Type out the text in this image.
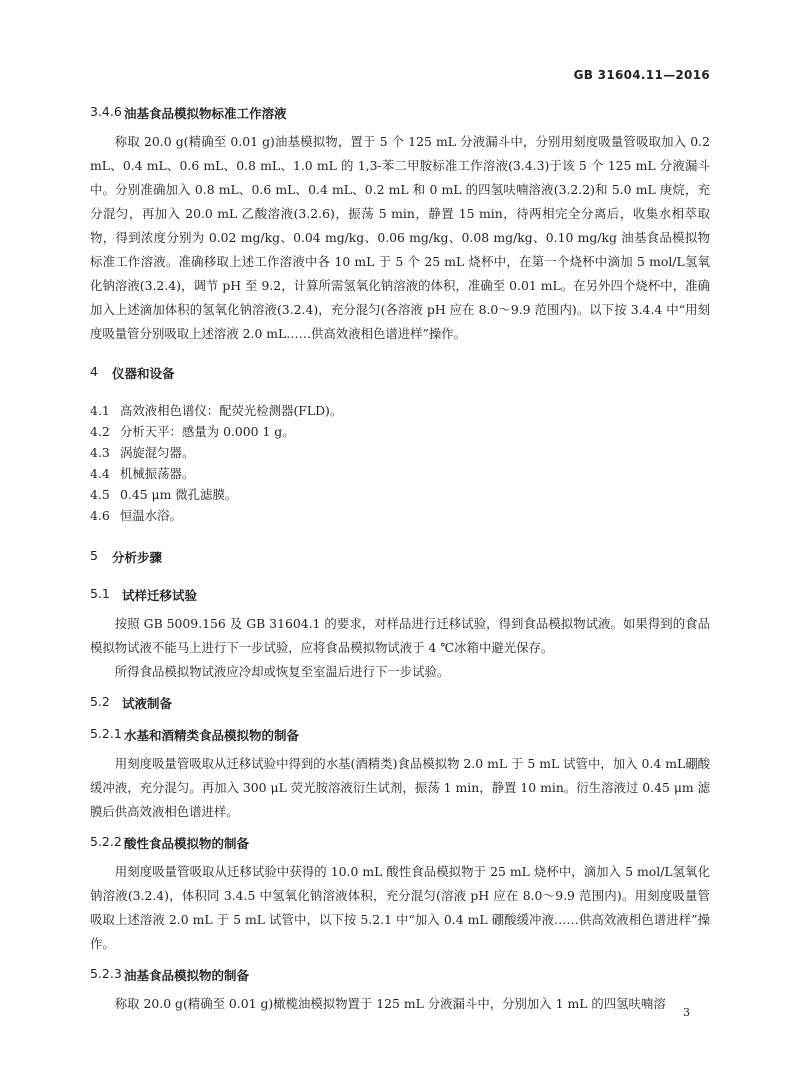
GB 31604.11—2016
3.4.6 油基食品模拟物标准工作溶液

称取 20.0 g(精确至 0.01 g)油基模拟物，置于 5 个 125 mL 分液漏斗中，分别用刻度吸量管吸取加入 0.2 mL、0.4 mL、0.6 mL、0.8 mL、1.0 mL 的 1,3-苯二甲胺标准工作溶液(3.4.3)于该 5 个 125 mL 分液漏斗中。分别准确加入 0.8 mL、0.6 mL、0.4 mL、0.2 mL 和 0 mL 的四氢呋喃溶液(3.2.2)和 5.0 mL 庚烷，充分混匀，再加入 20.0 mL 乙酸溶液(3.2.6)，振荡 5 min，静置 15 min，待两相完全分离后，收集水相萃取物，得到浓度分别为 0.02 mg/kg、0.04 mg/kg、0.06 mg/kg、0.08 mg/kg、0.10 mg/kg 油基食品模拟物标准工作溶液。准确移取上述工作溶液中各 10 mL 于 5 个 25 mL 烧杯中，在第一个烧杯中滴加 5 mol/L氢氧化钠溶液(3.2.4)，调节 pH 至 9.2，计算所需氢氧化钠溶液的体积，准确至 0.01 mL。在另外四个烧杯中，准确加入上述滴加体积的氢氧化钠溶液(3.2.4)，充分混匀(各溶液 pH 应在 8.0～9.9 范围内)。以下按 3.4.4 中“用刻度吸量管分别吸取上述溶液 2.0 mL……供高效液相色谱进样”操作。

4	仪器和设备
4.1 高效液相色谱仪：配荧光检测器(FLD)。
4.2 分析天平：感量为 0.000 1 g。
4.3 涡旋混匀器。
4.4 机械振荡器。
4.5 0.45 μm 微孔滤膜。
4.6 恒温水浴。
5	分析步骤
5.1 试样迁移试验

按照 GB 5009.156 及 GB 31604.1 的要求，对样品进行迁移试验，得到食品模拟物试液。如果得到的食品模拟物试液不能马上进行下一步试验，应将食品模拟物试液于 4 ℃冰箱中避光保存。

所得食品模拟物试液应冷却或恢复至室温后进行下一步试验。

5.2 试液制备
5.2.1 水基和酒精类食品模拟物的制备

用刻度吸量管吸取从迁移试验中得到的水基(酒精类)食品模拟物 2.0 mL 于 5 mL 试管中，加入 0.4 mL硼酸缓冲液，充分混匀。再加入 300 μL 荧光胺溶液衍生试剂，振荡 1 min，静置 10 min。衍生溶液过 0.45 μm 滤膜后供高效液相色谱进样。

5.2.2 酸性食品模拟物的制备

用刻度吸量管吸取从迁移试验中获得的 10.0 mL 酸性食品模拟物于 25 mL 烧杯中，滴加入 5 mol/L氢氧化钠溶液(3.2.4)，体积同 3.4.5 中氢氧化钠溶液体积，充分混匀(溶液 pH 应在 8.0～9.9 范围内)。用刻度吸量管吸取上述溶液 2.0 mL 于 5 mL 试管中，以下按 5.2.1 中“加入 0.4 mL 硼酸缓冲液……供高效液相色谱进样”操作。

5.2.3 油基食品模拟物的制备

称取 20.0 g(精确至 0.01 g)橄榄油模拟物置于 125 mL 分液漏斗中，分别加入 1 mL 的四氢呋喃溶

3
